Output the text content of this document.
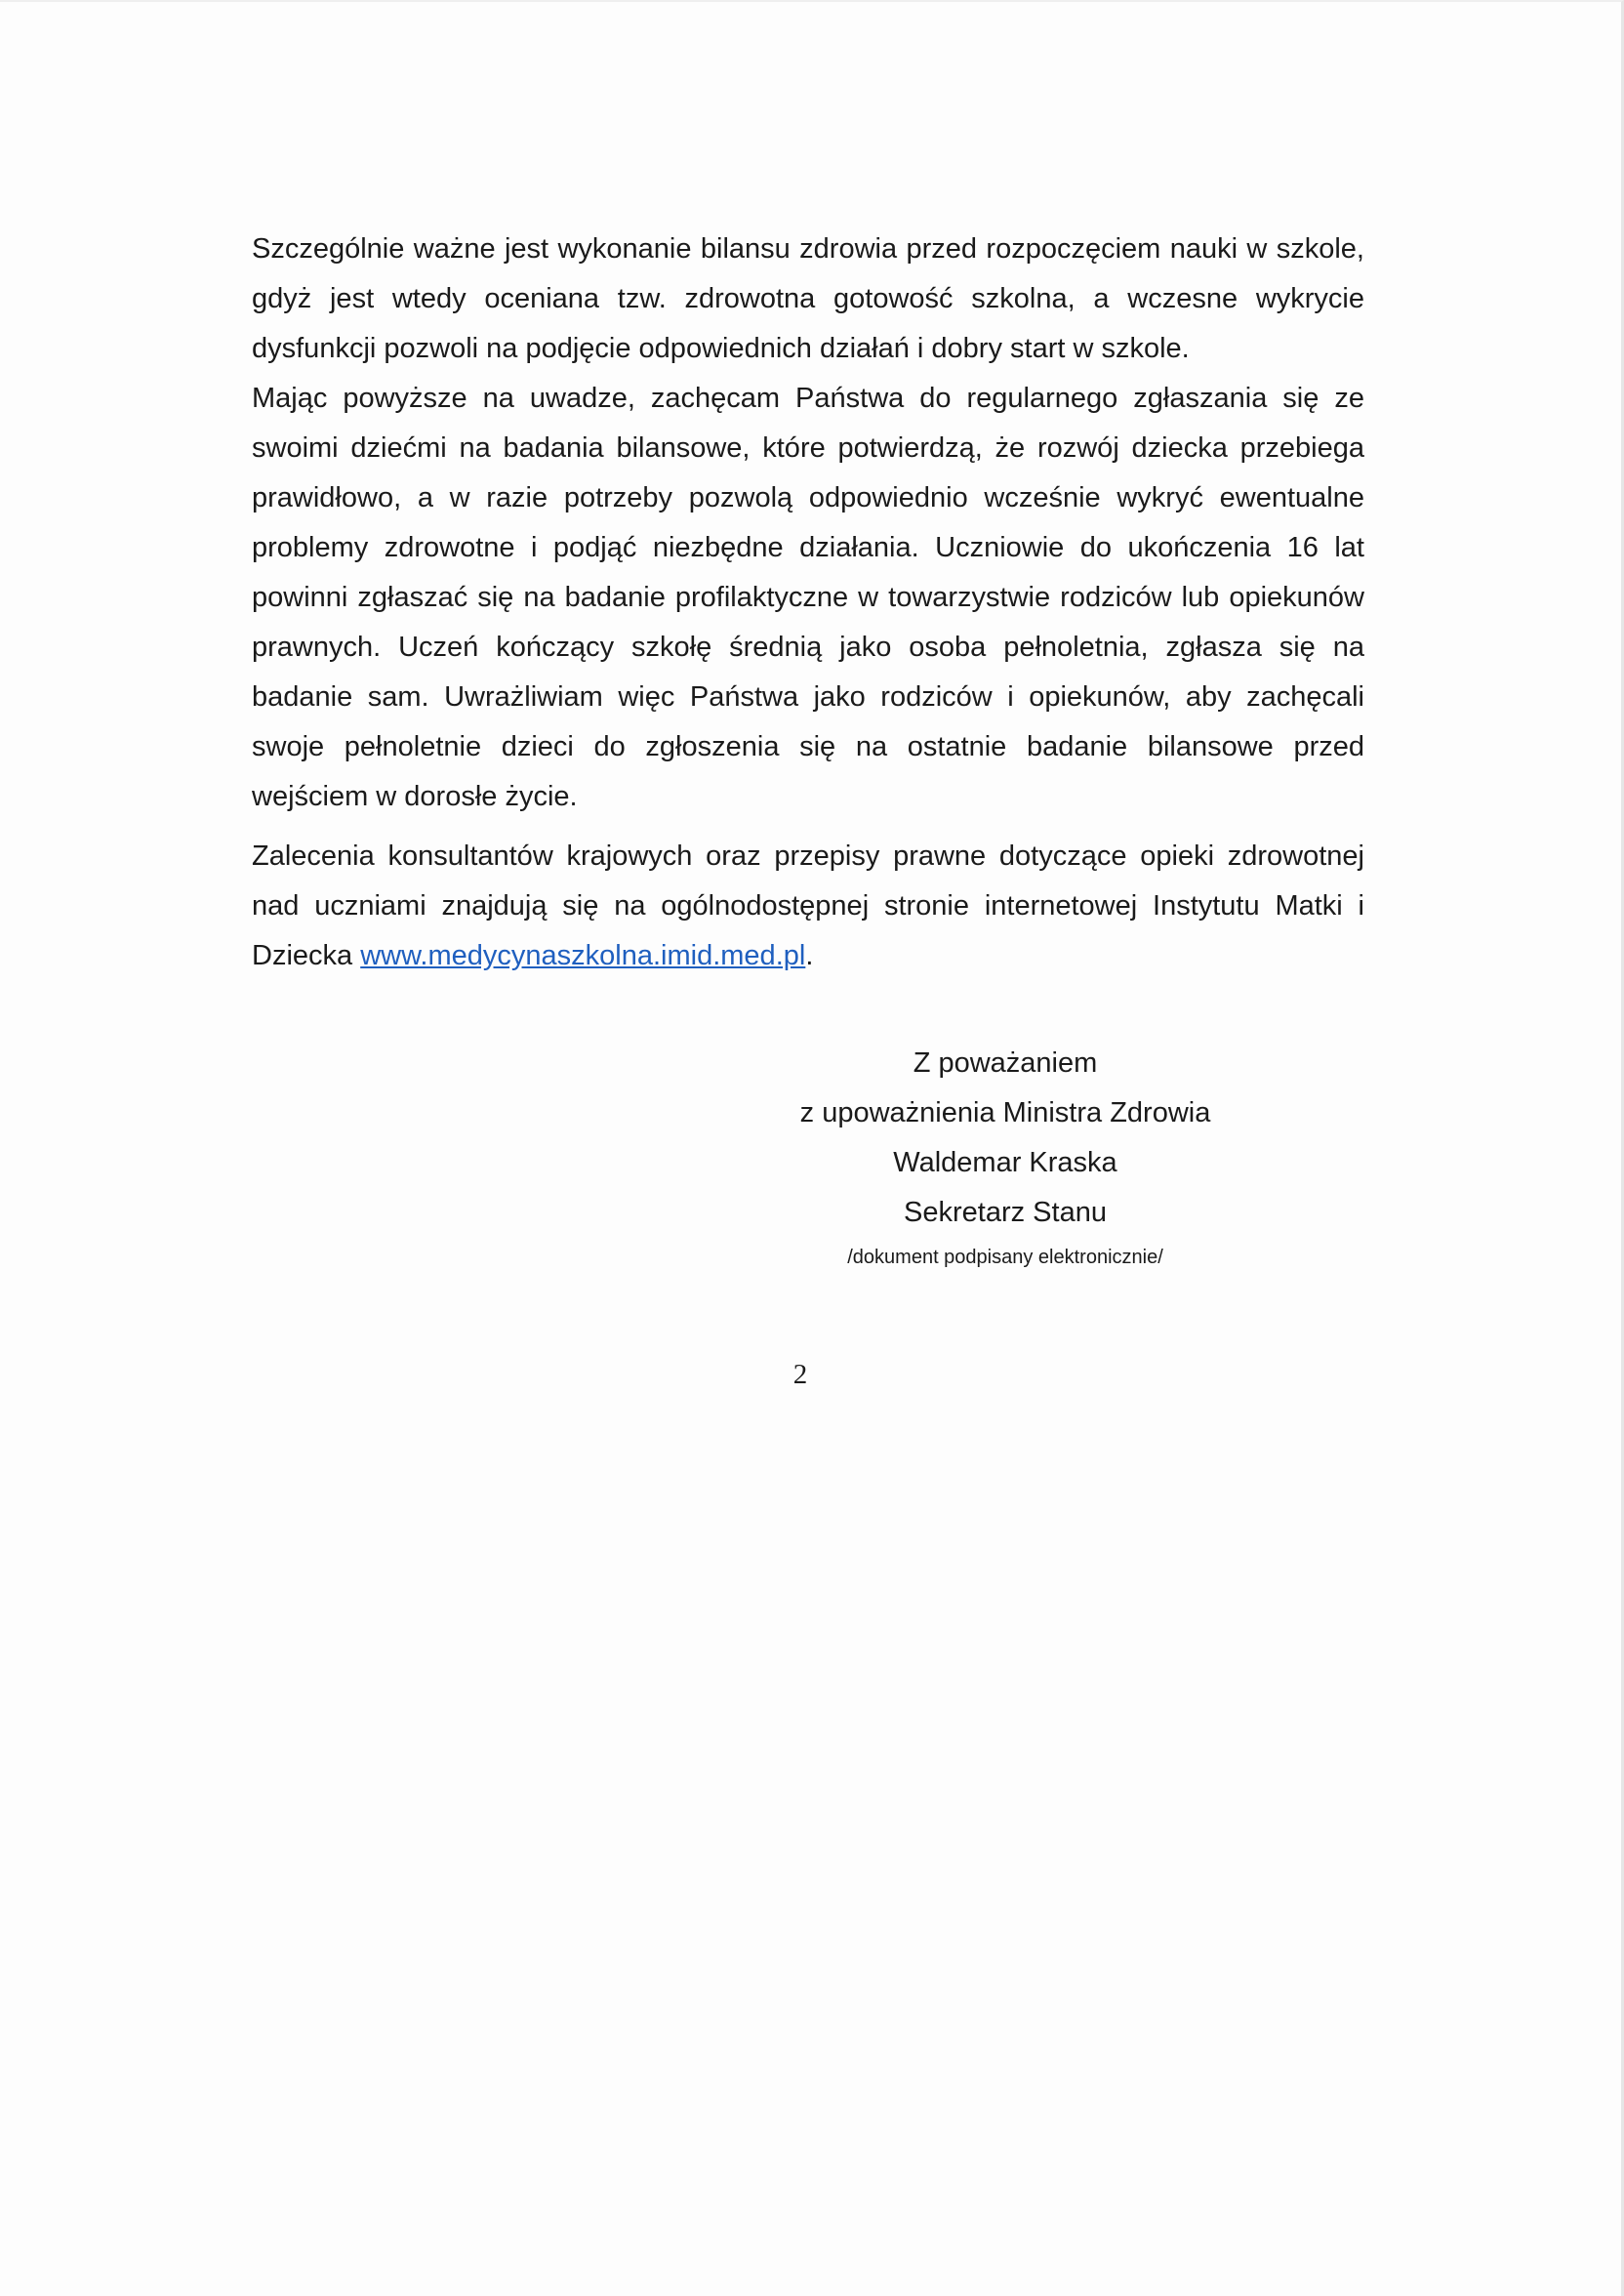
Szczególnie ważne jest wykonanie bilansu zdrowia przed rozpoczęciem nauki w szkole, gdyż jest wtedy oceniana tzw. zdrowotna gotowość szkolna, a wczesne wykrycie dysfunkcji pozwoli na podjęcie odpowiednich działań i dobry start w szkole.

Mając powyższe na uwadze, zachęcam Państwa do regularnego zgłaszania się ze swoimi dziećmi na badania bilansowe, które potwierdzą, że rozwój dziecka przebiega prawidłowo, a w razie potrzeby pozwolą odpowiednio wcześnie wykryć ewentualne problemy zdrowotne i podjąć niezbędne działania. Uczniowie do ukończenia 16 lat powinni zgłaszać się na badanie profilaktyczne w towarzystwie rodziców lub opiekunów prawnych. Uczeń kończący szkołę średnią jako osoba pełnoletnia, zgłasza się na badanie sam. Uwrażliwiam więc Państwa jako rodziców i opiekunów, aby zachęcali swoje pełnoletnie dzieci do zgłoszenia się na ostatnie badanie bilansowe przed wejściem w dorosłe życie.

Zalecenia konsultantów krajowych oraz przepisy prawne dotyczące opieki zdrowotnej nad uczniami znajdują się na ogólnodostępnej stronie internetowej Instytutu Matki i Dziecka www.medycynaszkolna.imid.med.pl.

Z poważaniem
z upoważnienia Ministra Zdrowia
Waldemar Kraska
Sekretarz Stanu
/dokument podpisany elektronicznie/
2
